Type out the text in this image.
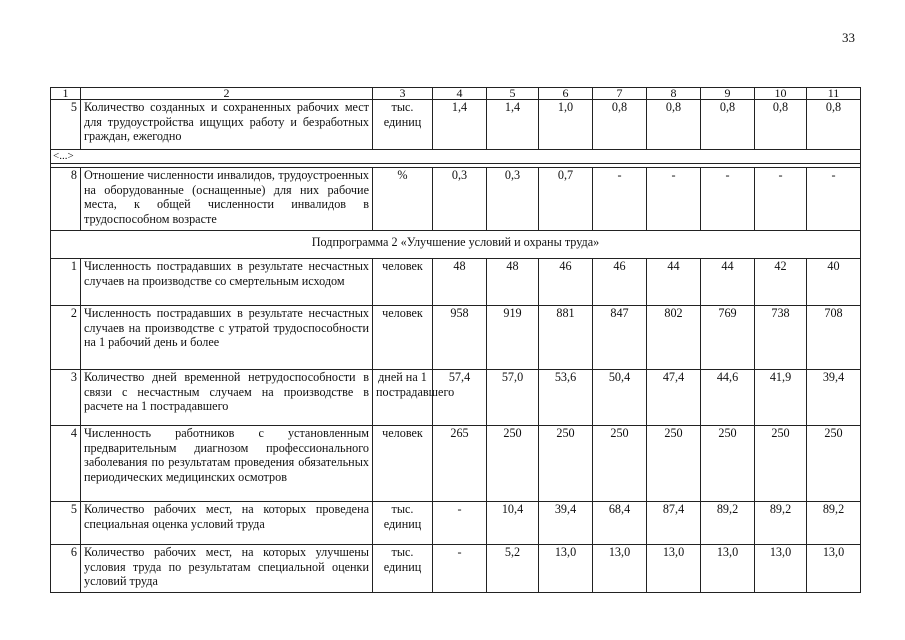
33
1	2	3	4	5	6	7	8	9	10	11
5	Количество созданных и сохраненных рабочих мест для трудоустройства ищущих работу и безработных граждан, ежегодно	тыс. единиц	1,4	1,4	1,0	0,8	0,8	0,8	0,8	0,8
<...>										

8	Отношение численности инвалидов, трудоустроенных на оборудованные (оснащенные) для них рабочие места, к общей численности инвалидов в трудоспособном возрасте	%	0,3	0,3	0,7	-	-	-	-	-
Подпрограмма 2 «Улучшение условий и охраны труда»										
1	Численность пострадавших в результате несчастных случаев на производстве со смертельным исходом	человек	48	48	46	46	44	44	42	40
2	Численность пострадавших в результате несчастных случаев на производстве с утратой трудоспособности на 1 рабочий день и более	человек	958	919	881	847	802	769	738	708
3	Количество дней временной нетрудоспособности в связи с несчастным случаем на производстве в расчете на 1 пострадавшего	дней на 1 пострадавшего	57,4	57,0	53,6	50,4	47,4	44,6	41,9	39,4
4	Численность работников с установленным предварительным диагнозом профессионального заболевания по результатам проведения обязательных периодических медицинских осмотров	человек	265	250	250	250	250	250	250	250
5	Количество рабочих мест, на которых проведена специальная оценка условий труда	тыс. единиц	-	10,4	39,4	68,4	87,4	89,2	89,2	89,2
6	Количество рабочих мест, на которых улучшены условия труда по результатам специальной оценки условий труда	тыс. единиц	-	5,2	13,0	13,0	13,0	13,0	13,0	13,0
